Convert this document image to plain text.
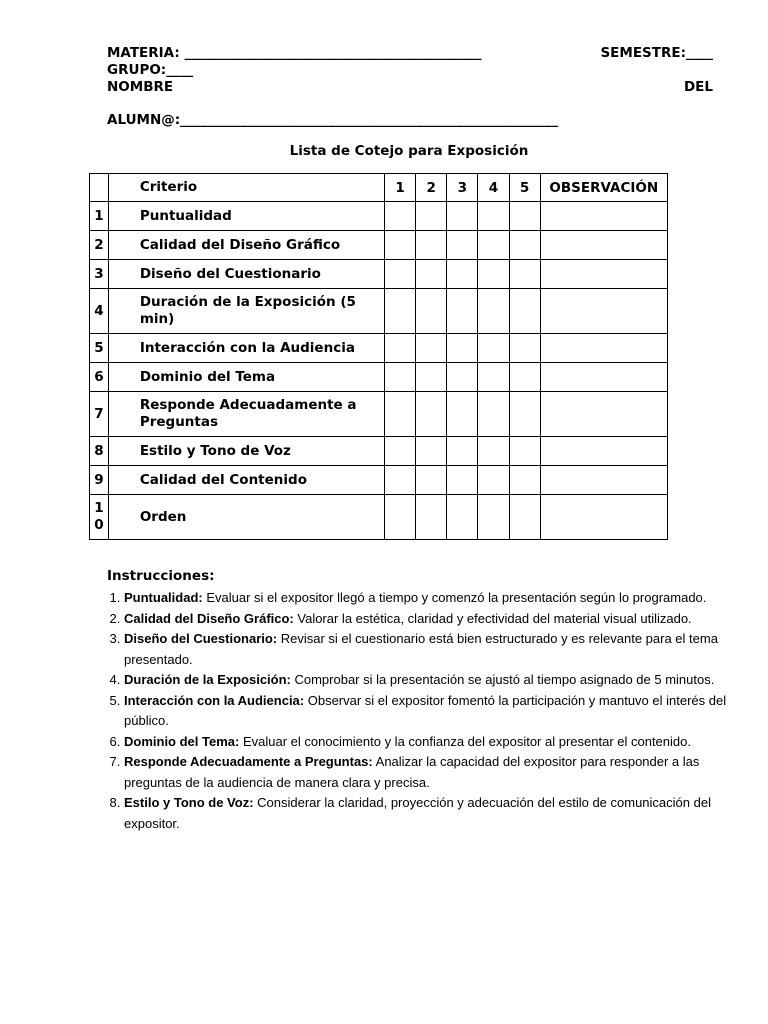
MATERIA: ____________________________________________	SEMESTRE:____
GRUPO:____
NOMBRE	DEL
ALUMN@:________________________________________________________
Lista de Cotejo para Exposición
	Criterio	1	2	3	4	5	OBSERVACIÓN
1	Puntualidad						
2	Calidad del Diseño Gráfico						
3	Diseño del Cuestionario						
4	Duración de la Exposición (5 min)						
5	Interacción con la Audiencia						
6	Dominio del Tema						
7	Responde Adecuadamente a Preguntas						
8	Estilo y Tono de Voz						
9	Calidad del Contenido						
10	Orden						
Instrucciones:
1. Puntualidad: Evaluar si el expositor llegó a tiempo y comenzó la presentación según lo programado.
2. Calidad del Diseño Gráfico: Valorar la estética, claridad y efectividad del material visual utilizado.
3. Diseño del Cuestionario: Revisar si el cuestionario está bien estructurado y es relevante para el tema presentado.
4. Duración de la Exposición: Comprobar si la presentación se ajustó al tiempo asignado de 5 minutos.
5. Interacción con la Audiencia: Observar si el expositor fomentó la participación y mantuvo el interés del público.
6. Dominio del Tema: Evaluar el conocimiento y la confianza del expositor al presentar el contenido.
7. Responde Adecuadamente a Preguntas: Analizar la capacidad del expositor para responder a las preguntas de la audiencia de manera clara y precisa.
8. Estilo y Tono de Voz: Considerar la claridad, proyección y adecuación del estilo de comunicación del expositor.
